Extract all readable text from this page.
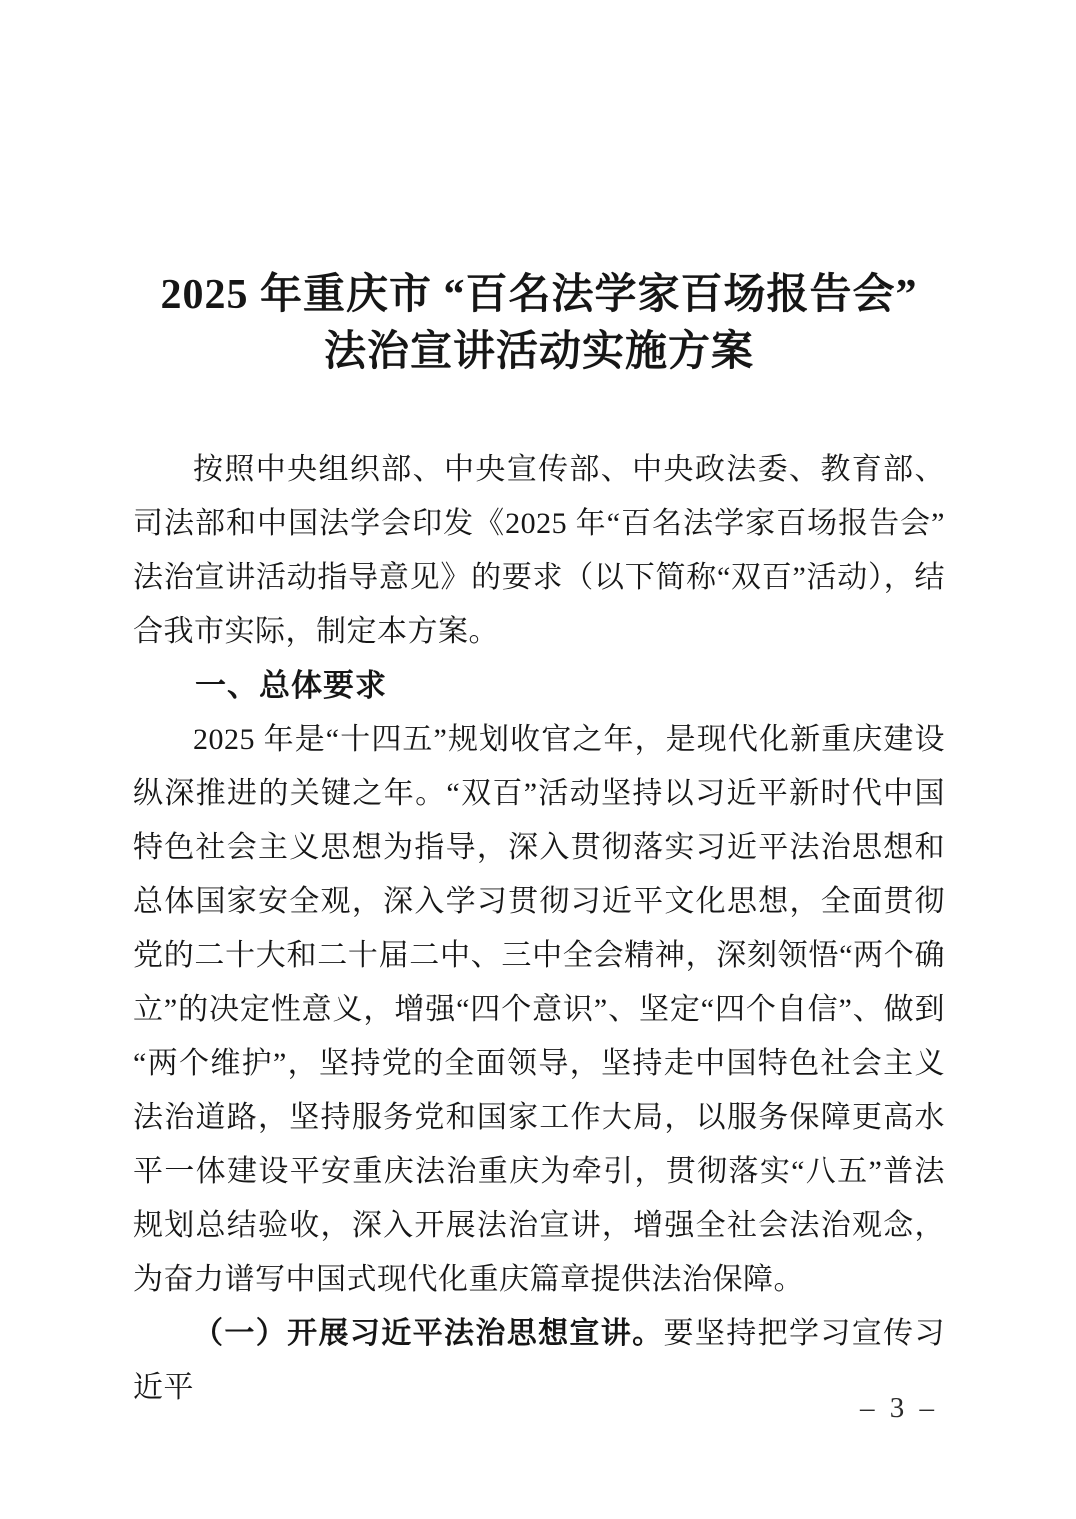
2025 年重庆市 “百名法学家百场报告会”
法治宣讲活动实施方案

按照中央组织部、中央宣传部、中央政法委、教育部、司法部和中国法学会印发《2025 年“百名法学家百场报告会”法治宣讲活动指导意见》的要求（以下简称“双百”活动），结合我市实际，制定本方案。

一、总体要求

2025 年是“十四五”规划收官之年，是现代化新重庆建设纵深推进的关键之年。“双百”活动坚持以习近平新时代中国特色社会主义思想为指导，深入贯彻落实习近平法治思想和总体国家安全观，深入学习贯彻习近平文化思想，全面贯彻党的二十大和二十届二中、三中全会精神，深刻领悟“两个确立”的决定性意义，增强“四个意识”、坚定“四个自信”、做到“两个维护”，坚持党的全面领导，坚持走中国特色社会主义法治道路，坚持服务党和国家工作大局，以服务保障更高水平一体建设平安重庆法治重庆为牵引，贯彻落实“八五”普法规划总结验收，深入开展法治宣讲，增强全社会法治观念，为奋力谱写中国式现代化重庆篇章提供法治保障。

（一）开展习近平法治思想宣讲。要坚持把学习宣传习近平

– 3 –
